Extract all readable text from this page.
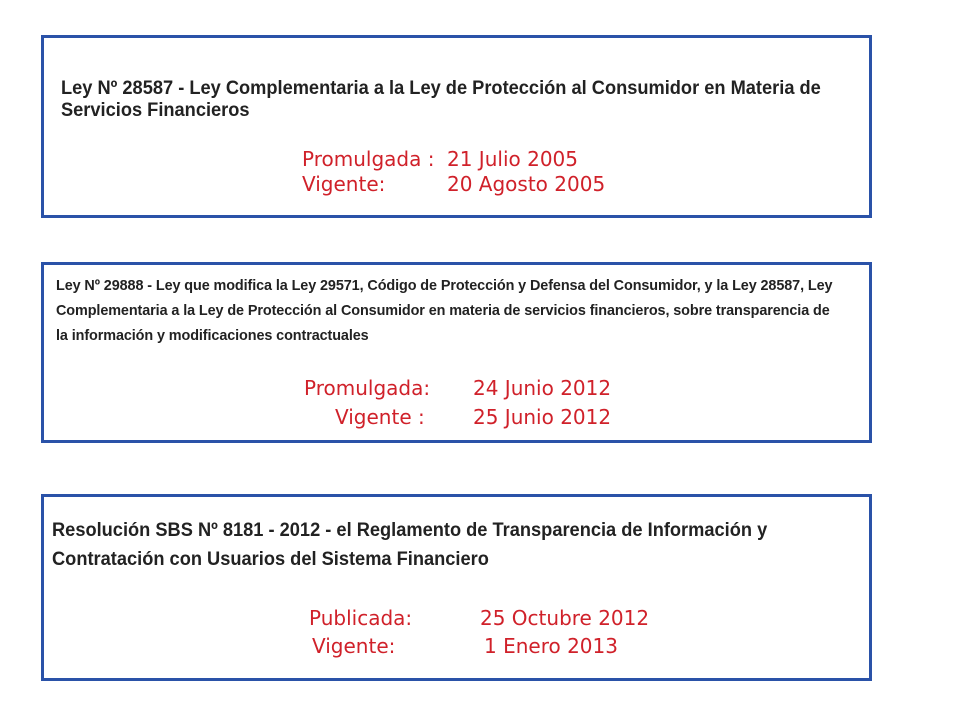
Ley Nº 28587 - Ley Complementaria a la Ley de Protección al Consumidor en Materia de Servicios Financieros

Promulgada : 21 Julio 2005
Vigente:	20 Agosto 2005

Ley Nº 29888 - Ley que modifica la Ley 29571, Código de Protección y Defensa del Consumidor, y la Ley 28587, Ley Complementaria a la Ley de Protección al Consumidor en materia de servicios financieros, sobre transparencia de la información y modificaciones contractuales

Promulgada: 24 Junio 2012
Vigente : 25 Junio 2012

Resolución SBS Nº 8181 - 2012 - el Reglamento de Transparencia de Información y Contratación con Usuarios del Sistema Financiero

Publicada:	25 Octubre 2012
Vigente:	1 Enero 2013
